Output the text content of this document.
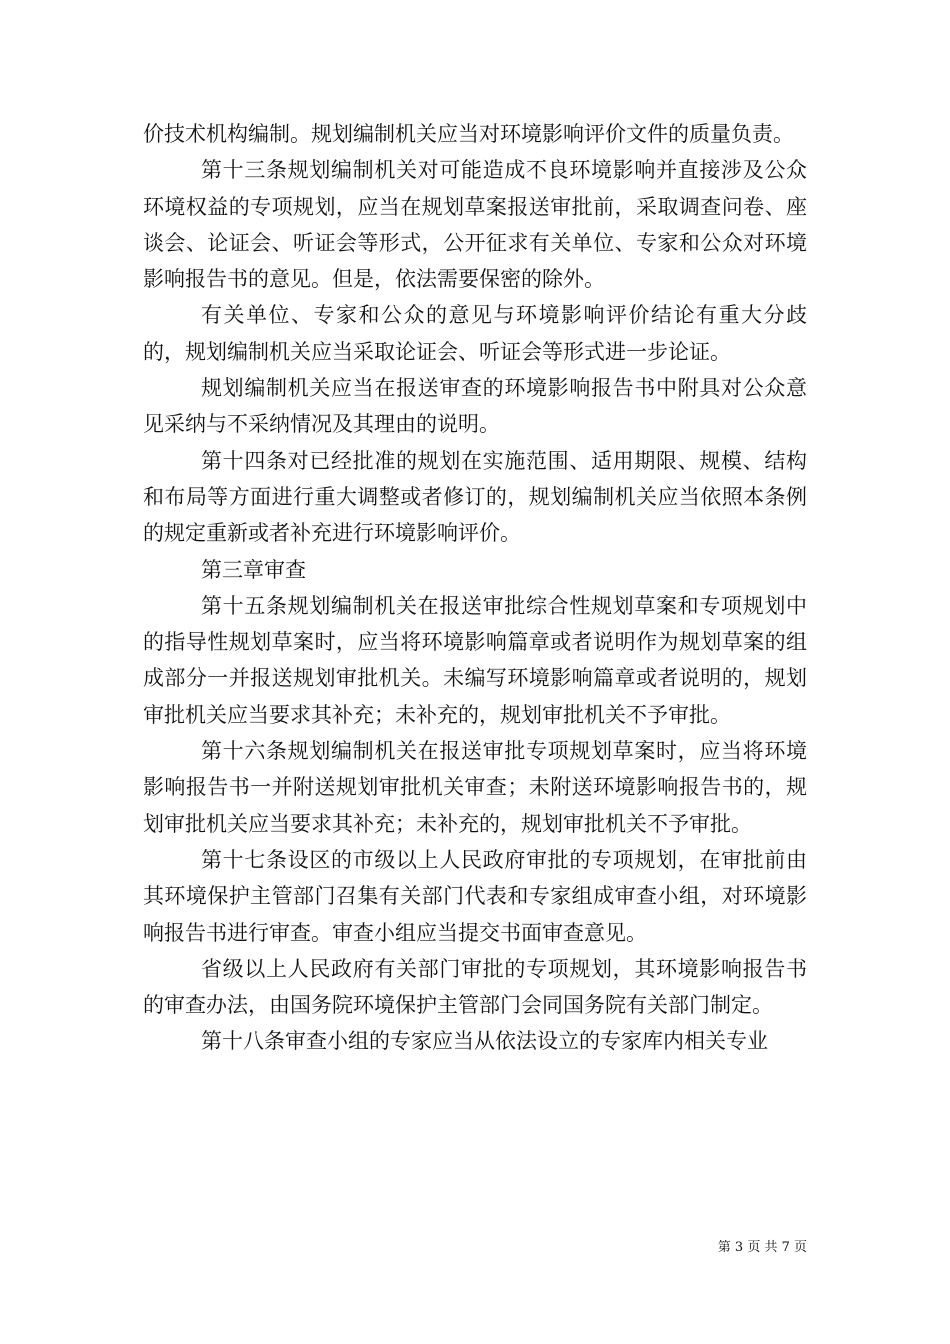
价技术机构编制。规划编制机关应当对环境影响评价文件的质量负责。

第十三条规划编制机关对可能造成不良环境影响并直接涉及公众环境权益的专项规划，应当在规划草案报送审批前，采取调查问卷、座谈会、论证会、听证会等形式，公开征求有关单位、专家和公众对环境影响报告书的意见。但是，依法需要保密的除外。

有关单位、专家和公众的意见与环境影响评价结论有重大分歧的，规划编制机关应当采取论证会、听证会等形式进一步论证。

规划编制机关应当在报送审查的环境影响报告书中附具对公众意见采纳与不采纳情况及其理由的说明。

第十四条对已经批准的规划在实施范围、适用期限、规模、结构和布局等方面进行重大调整或者修订的，规划编制机关应当依照本条例的规定重新或者补充进行环境影响评价。

第三章审查

第十五条规划编制机关在报送审批综合性规划草案和专项规划中的指导性规划草案时，应当将环境影响篇章或者说明作为规划草案的组成部分一并报送规划审批机关。未编写环境影响篇章或者说明的，规划审批机关应当要求其补充；未补充的，规划审批机关不予审批。

第十六条规划编制机关在报送审批专项规划草案时，应当将环境影响报告书一并附送规划审批机关审查；未附送环境影响报告书的，规划审批机关应当要求其补充；未补充的，规划审批机关不予审批。

第十七条设区的市级以上人民政府审批的专项规划，在审批前由其环境保护主管部门召集有关部门代表和专家组成审查小组，对环境影响报告书进行审查。审查小组应当提交书面审查意见。

省级以上人民政府有关部门审批的专项规划，其环境影响报告书的审查办法，由国务院环境保护主管部门会同国务院有关部门制定。

第十八条审查小组的专家应当从依法设立的专家库内相关专业

第 3 页 共 7 页
